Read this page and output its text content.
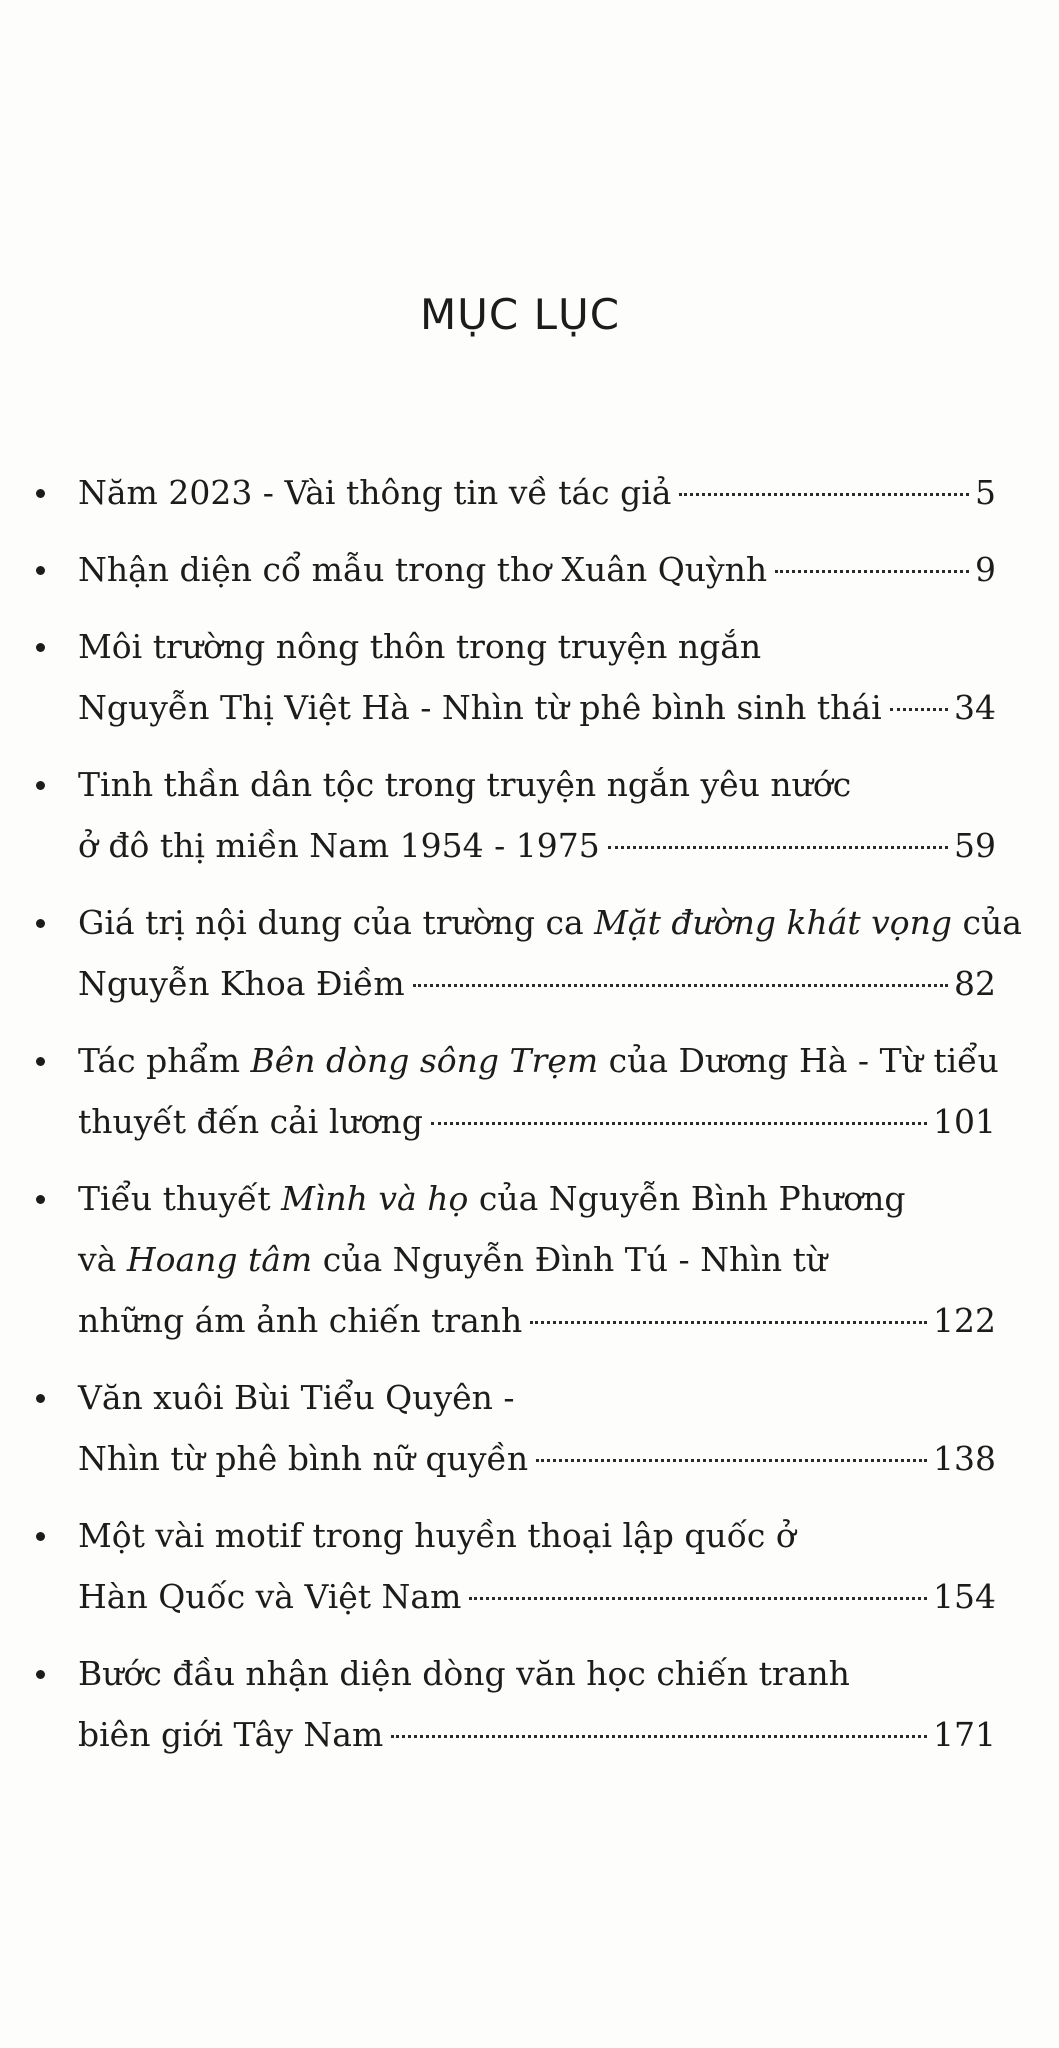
MỤC LỤC
Năm 2023 - Vài thông tin về tác giả	5
Nhận diện cổ mẫu trong thơ Xuân Quỳnh	9
Môi trường nông thôn trong truyện ngắn
Nguyễn Thị Việt Hà - Nhìn từ phê bình sinh thái 34
Tinh thần dân tộc trong truyện ngắn yêu nước
ở đô thị miền Nam 1954 - 1975	59
Giá trị nội dung của trường ca Mặt đường khát vọng của
Nguyễn Khoa Điềm	82
Tác phẩm Bên dòng sông Trẹm của Dương Hà - Từ tiểu
thuyết đến cải lương	101
Tiểu thuyết Mình và họ của Nguyễn Bình Phương
và Hoang tâm của Nguyễn Đình Tú - Nhìn từ
những ám ảnh chiến tranh	122
Văn xuôi Bùi Tiểu Quyên -
Nhìn từ phê bình nữ quyền	138
Một vài motif trong huyền thoại lập quốc ở
Hàn Quốc và Việt Nam	154
Bước đầu nhận diện dòng văn học chiến tranh
biên giới Tây Nam	171
